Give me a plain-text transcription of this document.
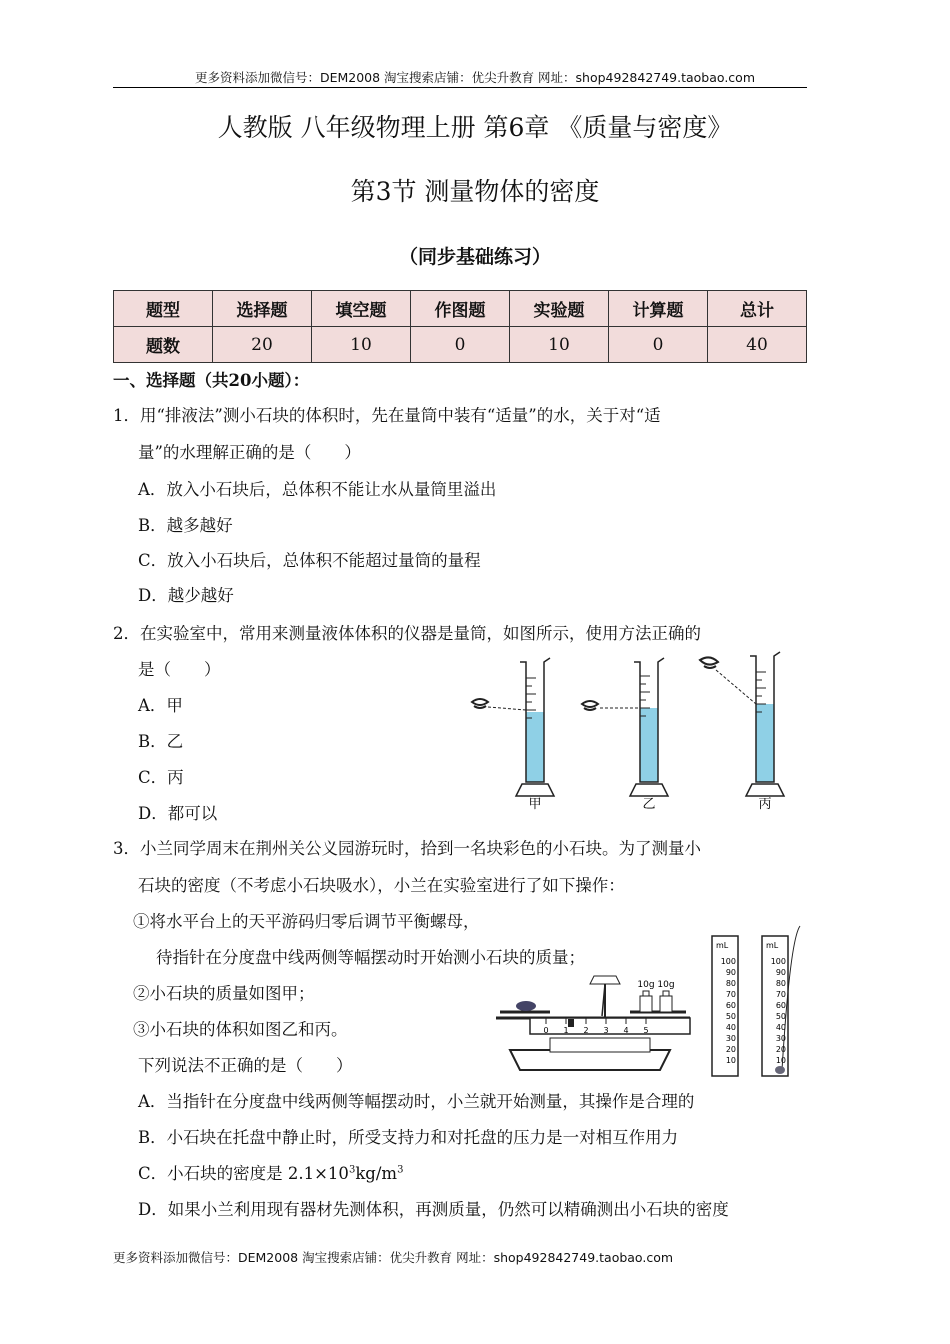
更多资料添加微信号：DEM2008 淘宝搜索店铺：优尖升教育 网址：shop492842749.taobao.com
人教版 八年级物理上册 第6章 《质量与密度》
第3节 测量物体的密度
（同步基础练习）
题型	选择题	填空题	作图题	实验题	计算题	总计
题数	20	10	0	10	0	40
一、选择题（共20小题）：
1．用“排液法”测小石块的体积时，先在量筒中装有“适量”的水，关于对“适
量”的水理解正确的是（　　）
A．放入小石块后，总体积不能让水从量筒里溢出
B．越多越好
C．放入小石块后，总体积不能超过量筒的量程
D．越少越好
2．在实验室中，常用来测量液体体积的仪器是量筒，如图所示，使用方法正确的
是（　　）
A．甲
B．乙
C．丙
D．都可以	甲	乙	丙
3．小兰同学周末在荆州关公义园游玩时，拾到一名块彩色的小石块。为了测量小
石块的密度（不考虑小石块吸水），小兰在实验室进行了如下操作：
①将水平台上的天平游码归零后调节平衡螺母，
待指针在分度盘中线两侧等幅摆动时开始测小石块的质量；
②小石块的质量如图甲；
③小石块的体积如图乙和丙。
下列说法不正确的是（　　）
0 1 2 3 4 5
10g 10g
mL
100
90
80
70
60
50
40
30
20
10
mL
100
90
80
70
60
50
40
30
20
10
A．当指针在分度盘中线两侧等幅摆动时，小兰就开始测量，其操作是合理的
B．小石块在托盘中静止时，所受支持力和对托盘的压力是一对相互作用力
C．小石块的密度是 $2.1\times 10^3kg/m^3$
D．如果小兰利用现有器材先测体积，再测质量，仍然可以精确测出小石块的密度
更多资料添加微信号：DEM2008 淘宝搜索店铺：优尖升教育 网址：shop492842749.taobao.com
